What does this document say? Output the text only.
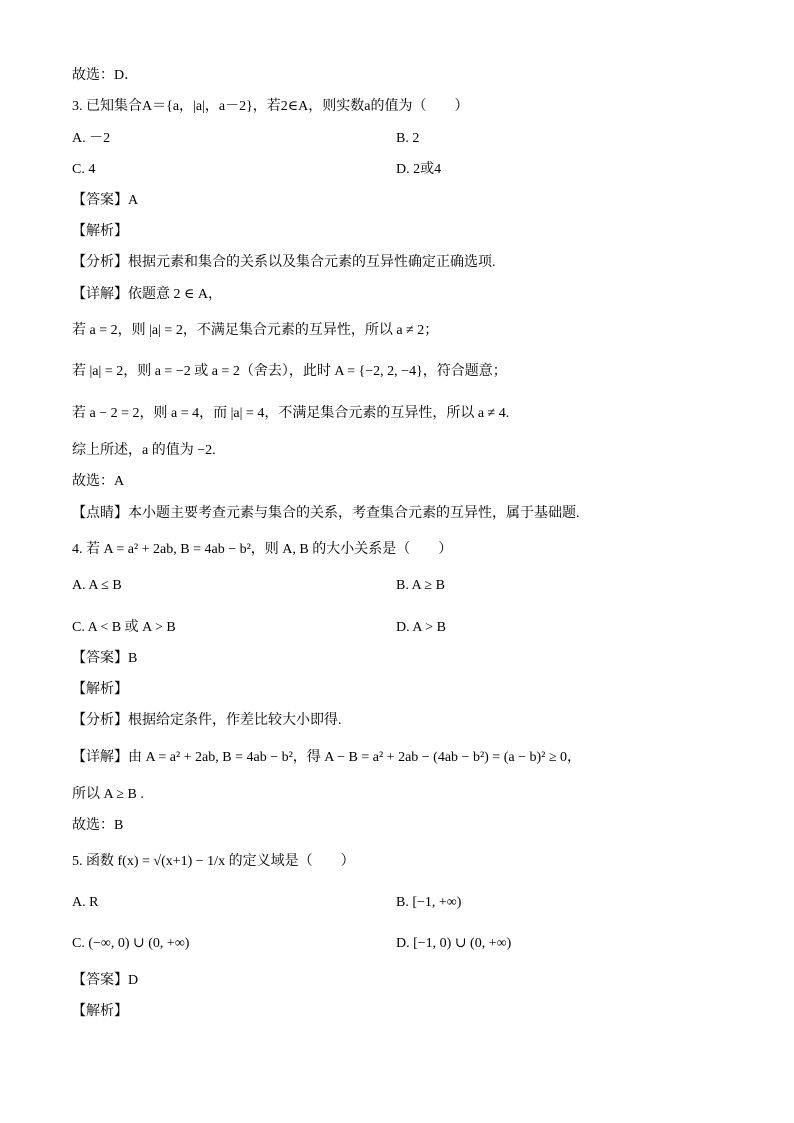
故选：D．
3. 已知集合A＝{a，|a|，a－2}，若2∈A，则实数a的值为（　　）
A. －2	B. 2
C. 4	D. 2或4
【答案】A
【解析】
【分析】根据元素和集合的关系以及集合元素的互异性确定正确选项.
【详解】依题意 2 ∈ A，
若 a = 2，则 |a| = 2，不满足集合元素的互异性，所以 a ≠ 2；
若 |a| = 2，则 a = −2 或 a = 2（舍去），此时 A = {−2, 2, −4}，符合题意；
若 a − 2 = 2，则 a = 4，而 |a| = 4，不满足集合元素的互异性，所以 a ≠ 4.
综上所述，a 的值为 −2.
故选：A
【点睛】本小题主要考查元素与集合的关系，考查集合元素的互异性，属于基础题.
4. 若 A = a² + 2ab, B = 4ab − b²，则 A, B 的大小关系是（　　）
A. A ≤ B	B. A ≥ B
C. A < B 或 A > B	D. A > B
【答案】B
【解析】
【分析】根据给定条件，作差比较大小即得.
【详解】由 A = a² + 2ab, B = 4ab − b²，得 A − B = a² + 2ab − (4ab − b²) = (a − b)² ≥ 0，
所以 A ≥ B .
故选：B
5. 函数 f(x) = √(x+1) − 1/x 的定义域是（　　）
A. R	B. [−1, +∞)
C. (−∞, 0) ∪ (0, +∞)	D. [−1, 0) ∪ (0, +∞)
【答案】D
【解析】
